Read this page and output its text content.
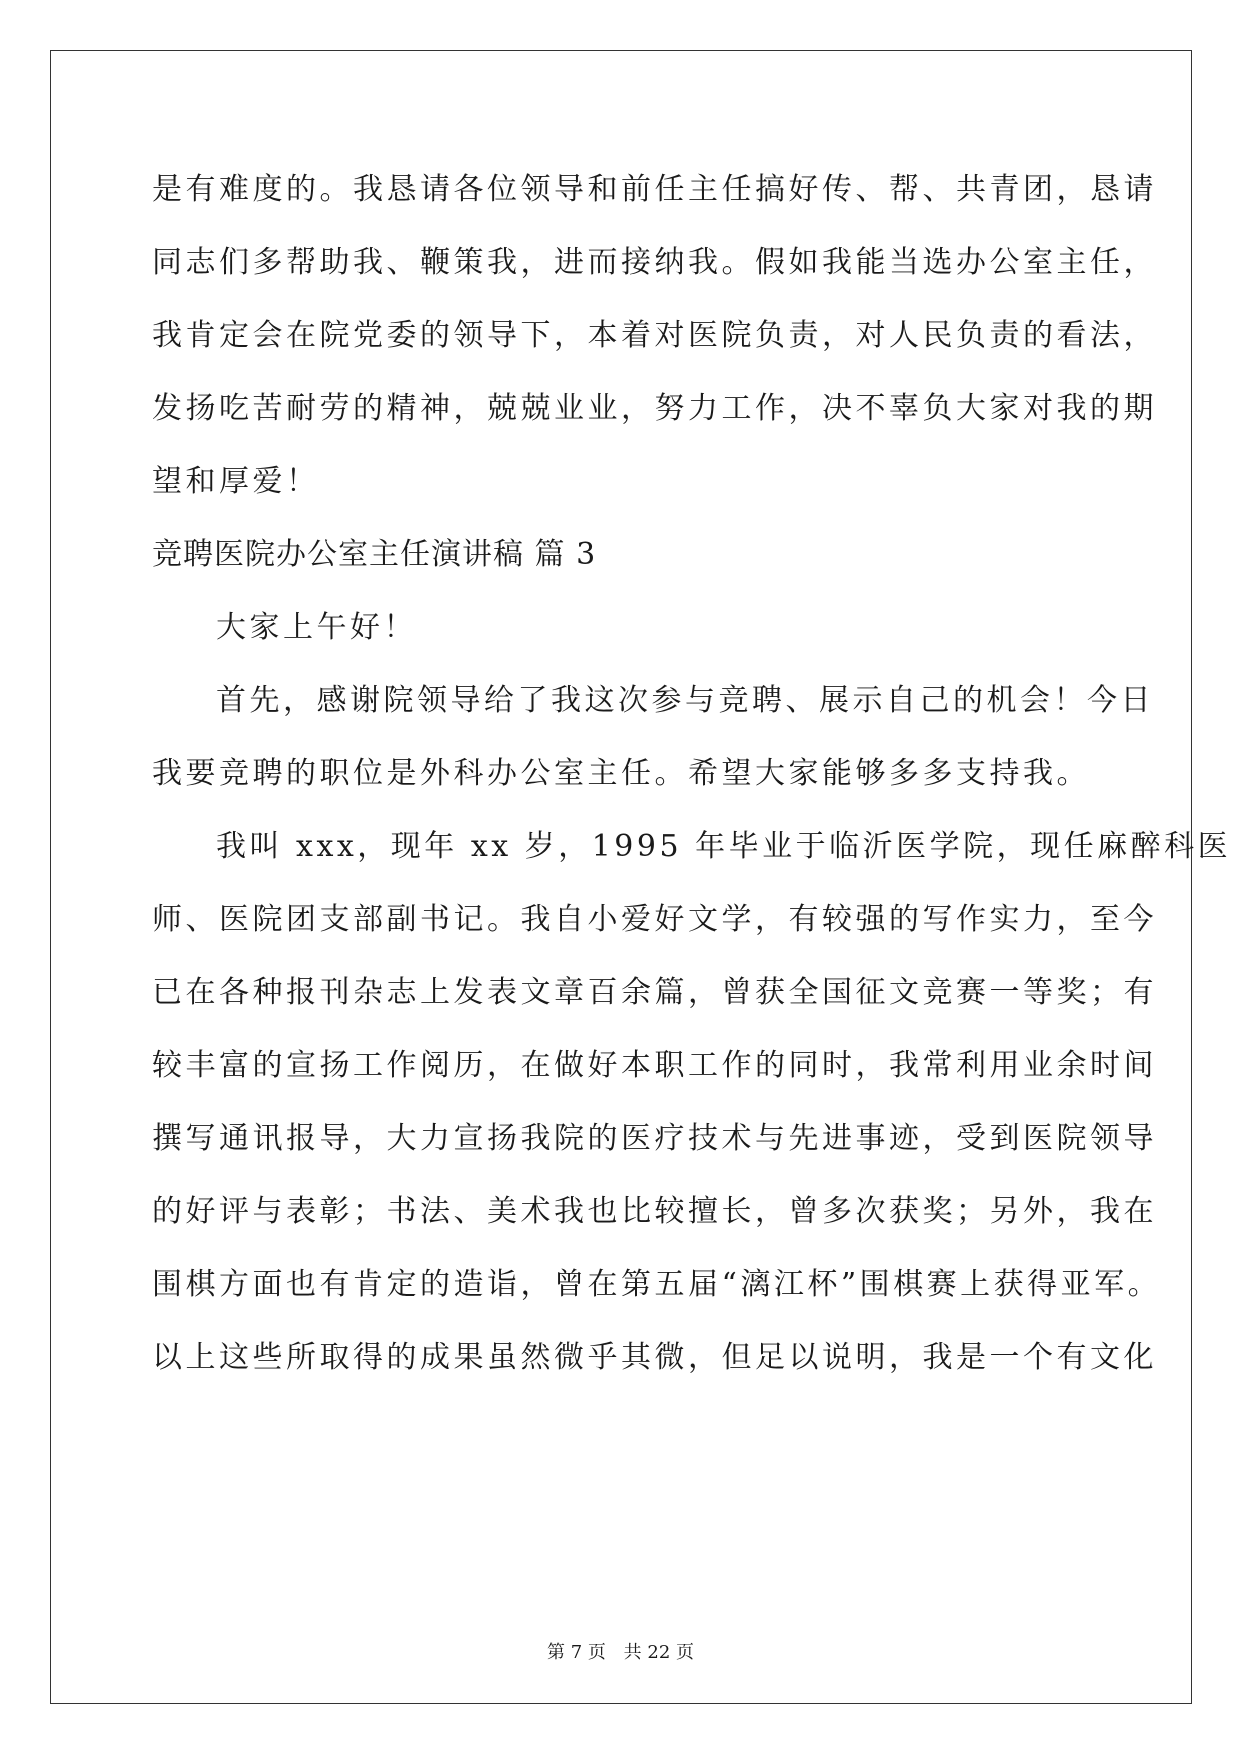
是有难度的。我恳请各位领导和前任主任搞好传、帮、共青团，恳请
同志们多帮助我、鞭策我，进而接纳我。假如我能当选办公室主任，
我肯定会在院党委的领导下，本着对医院负责，对人民负责的看法，
发扬吃苦耐劳的精神，兢兢业业，努力工作，决不辜负大家对我的期
望和厚爱！
竞聘医院办公室主任演讲稿 篇 3
大家上午好！
首先，感谢院领导给了我这次参与竞聘、展示自己的机会！今日
我要竞聘的职位是外科办公室主任。希望大家能够多多支持我。
我叫 xxx，现年 xx 岁，1995 年毕业于临沂医学院，现任麻醉科医
师、医院团支部副书记。我自小爱好文学，有较强的写作实力，至今
已在各种报刊杂志上发表文章百余篇，曾获全国征文竞赛一等奖；有
较丰富的宣扬工作阅历，在做好本职工作的同时，我常利用业余时间
撰写通讯报导，大力宣扬我院的医疗技术与先进事迹，受到医院领导
的好评与表彰；书法、美术我也比较擅长，曾多次获奖；另外，我在
围棋方面也有肯定的造诣，曾在第五届“漓江杯”围棋赛上获得亚军。
以上这些所取得的成果虽然微乎其微，但足以说明，我是一个有文化
第 7 页 共 22 页
